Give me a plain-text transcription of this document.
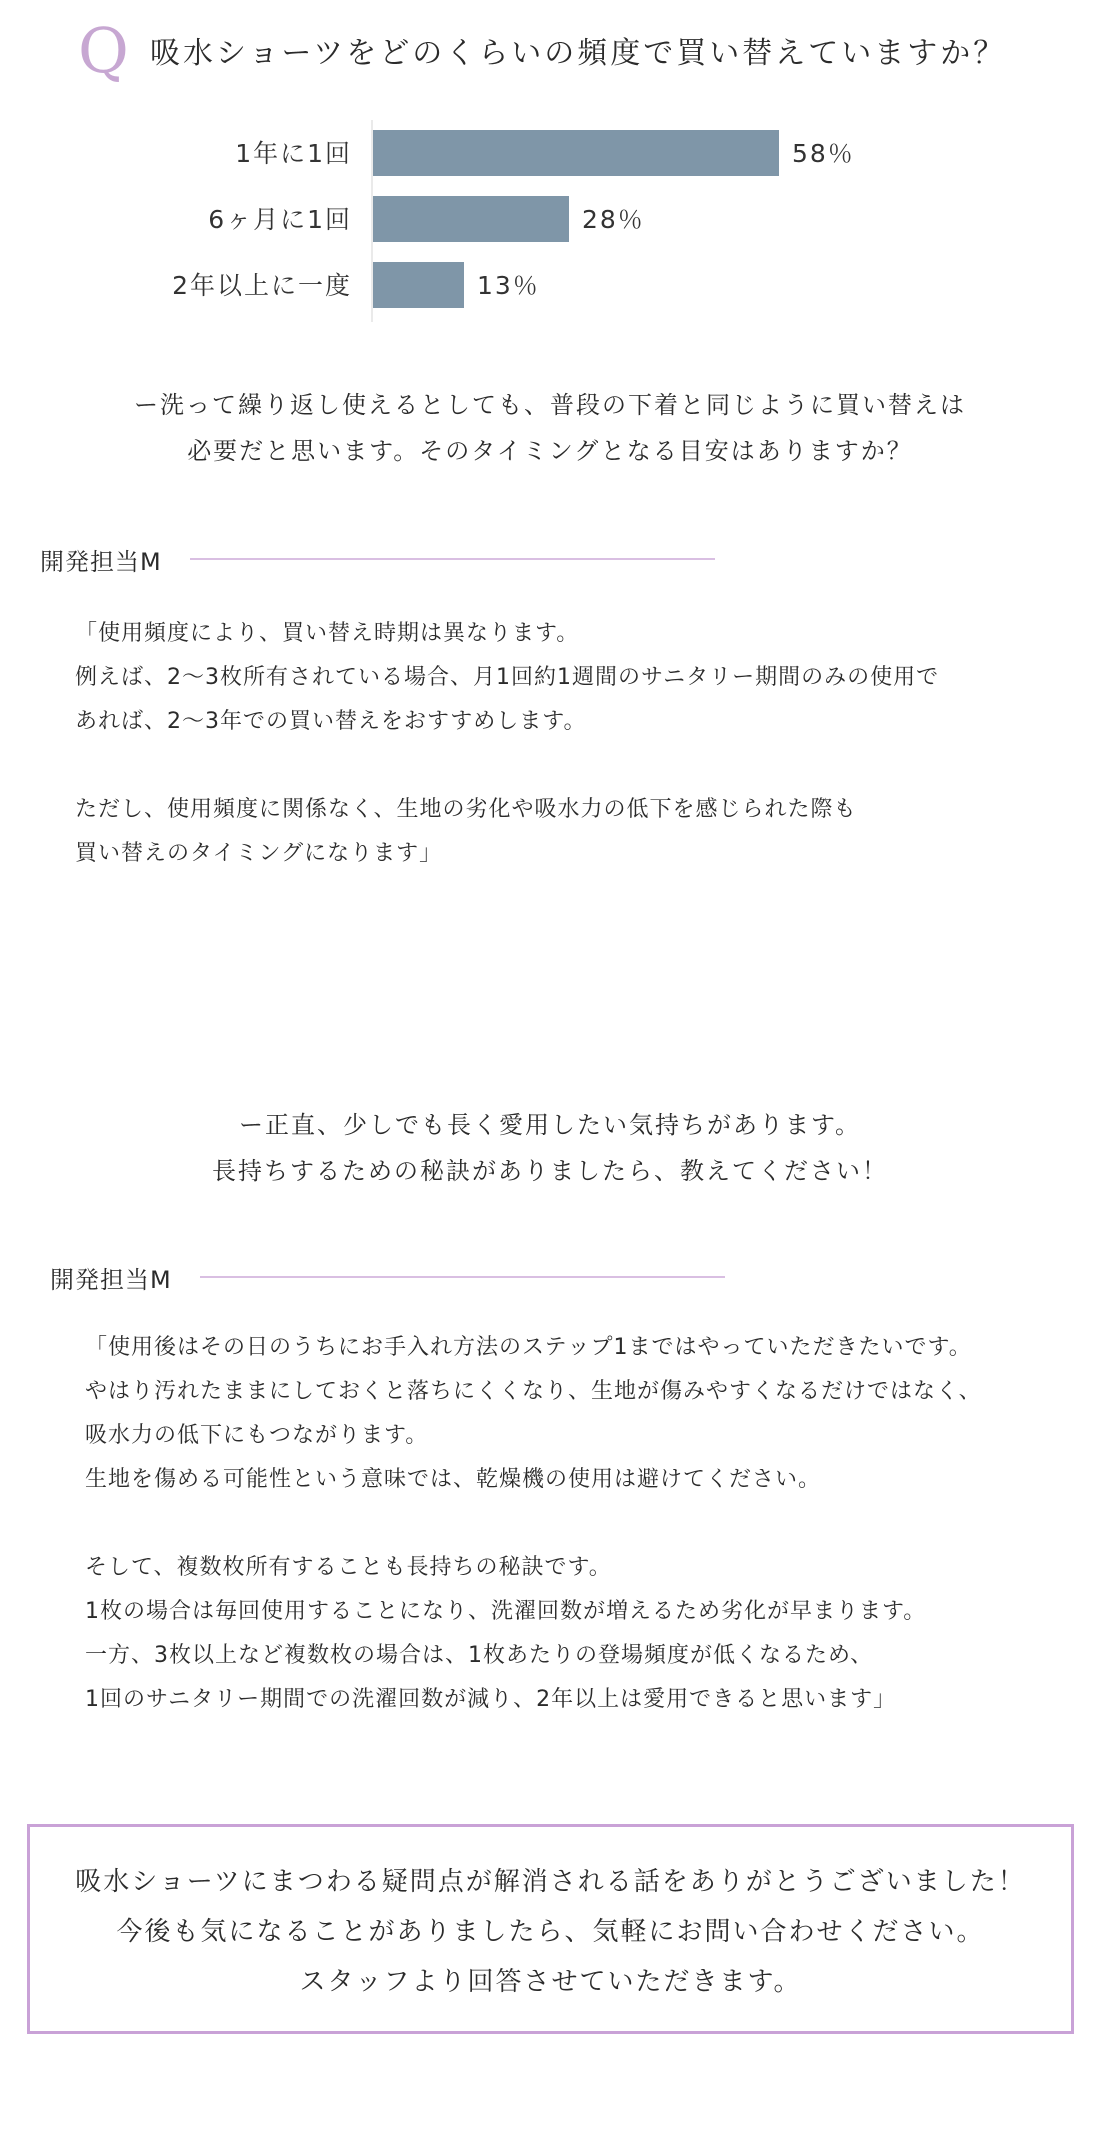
Q 吸水ショーツをどのくらいの頻度で買い替えていますか？
1年に1回	58％
6ヶ月に1回	28％
2年以上に一度	13％
ー洗って繰り返し使えるとしても、普段の下着と同じように買い替えは
必要だと思います。そのタイミングとなる目安はありますか？
開発担当M
「使用頻度により、買い替え時期は異なります。
例えば、2〜3枚所有されている場合、月1回約1週間のサニタリー期間のみの使用で
あれば、2〜3年での買い替えをおすすめします。
ただし、使用頻度に関係なく、生地の劣化や吸水力の低下を感じられた際も
買い替えのタイミングになります」
ー正直、少しでも長く愛用したい気持ちがあります。
長持ちするための秘訣がありましたら、教えてください！
開発担当M
「使用後はその日のうちにお手入れ方法のステップ1まではやっていただきたいです。
やはり汚れたままにしておくと落ちにくくなり、生地が傷みやすくなるだけではなく、
吸水力の低下にもつながります。
生地を傷める可能性という意味では、乾燥機の使用は避けてください。
そして、複数枚所有することも長持ちの秘訣です。
1枚の場合は毎回使用することになり、洗濯回数が増えるため劣化が早まります。
一方、3枚以上など複数枚の場合は、1枚あたりの登場頻度が低くなるため、
1回のサニタリー期間での洗濯回数が減り、2年以上は愛用できると思います」
吸水ショーツにまつわる疑問点が解消される話をありがとうございました！
今後も気になることがありましたら、気軽にお問い合わせください。
スタッフより回答させていただきます。
